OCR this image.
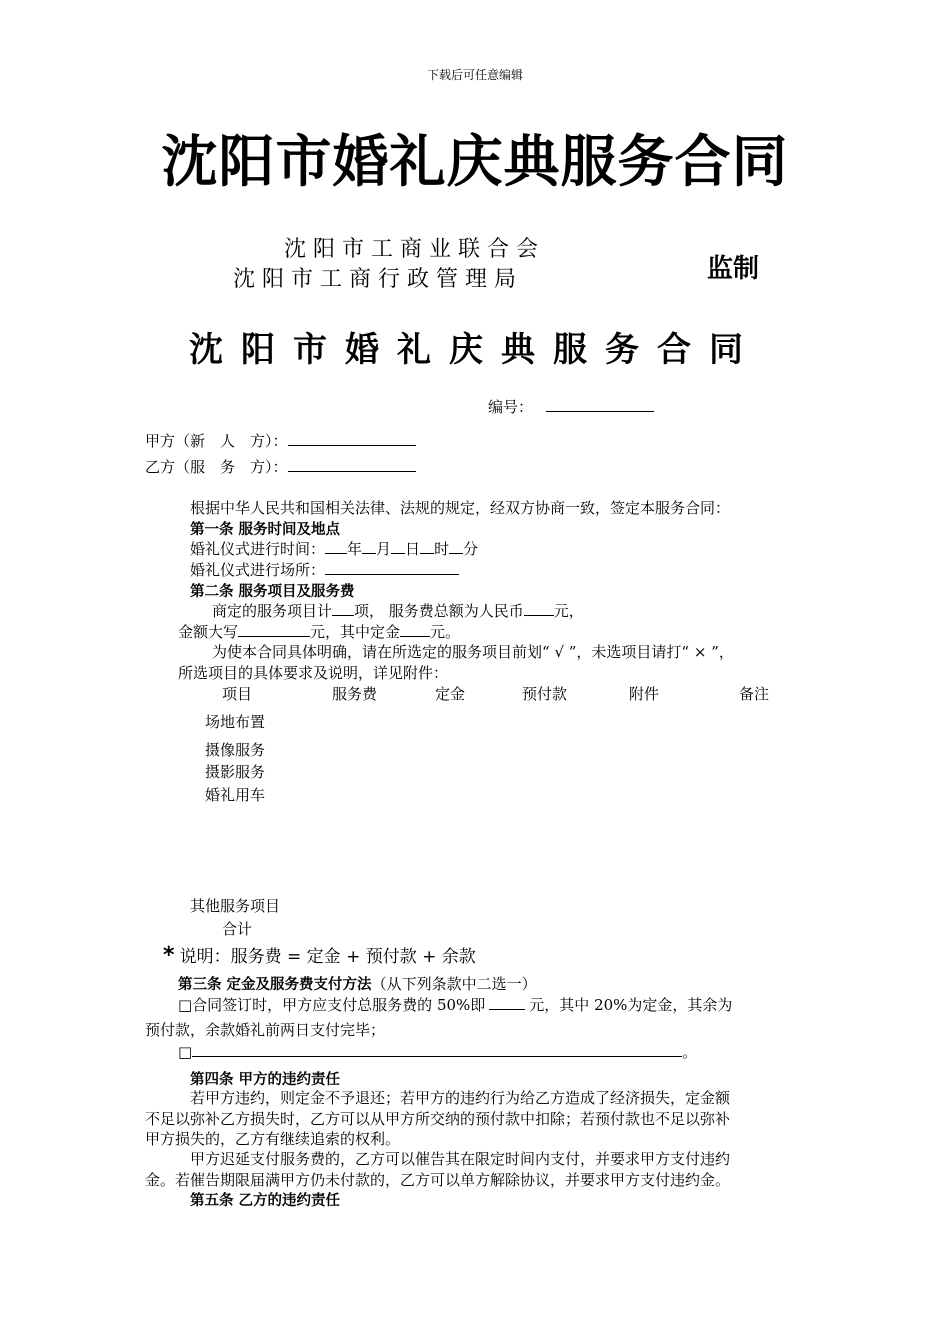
下载后可任意编辑
沈阳市婚礼庆典服务合同
沈阳市工商业联合会
沈阳市工商行政管理局	监制
沈阳市婚礼庆典服务合同
编号：
甲方（新　人　方）：
乙方（服　务　方）：
根据中华人民共和国相关法律、法规的规定，经双方协商一致，签定本服务合同：
第一条 服务时间及地点
婚礼仪式进行时间： 年 月 日 时 分
婚礼仪式进行场所：
第二条 服务项目及服务费
商定的服务项目计 项， 服务费总额为人民币 元，
金额大写	元，其中定金 元。
为使本合同具体明确，请在所选定的服务项目前划“ √ ”，未选项目请打“ × ”，
所选项目的具体要求及说明，详见附件：
项目	服务费	定金	预付款	附件	备注
场地布置
摄像服务
摄影服务
婚礼用车
其他服务项目
合计
* 说明：服务费 = 定金 + 预付款 + 余款
第三条 定金及服务费支付方法（从下列条款中二选一）
□合同签订时，甲方应支付总服务费的 50%即	元，其中 20%为定金，其余为
预付款，余款婚礼前两日支付完毕；
□	。
第四条 甲方的违约责任
若甲方违约，则定金不予退还；若甲方的违约行为给乙方造成了经济损失，定金额
不足以弥补乙方损失时，乙方可以从甲方所交纳的预付款中扣除；若预付款也不足以弥补
甲方损失的，乙方有继续追索的权利。
甲方迟延支付服务费的，乙方可以催告其在限定时间内支付，并要求甲方支付违约
金。若催告期限届满甲方仍未付款的，乙方可以单方解除协议，并要求甲方支付违约金。
第五条 乙方的违约责任
